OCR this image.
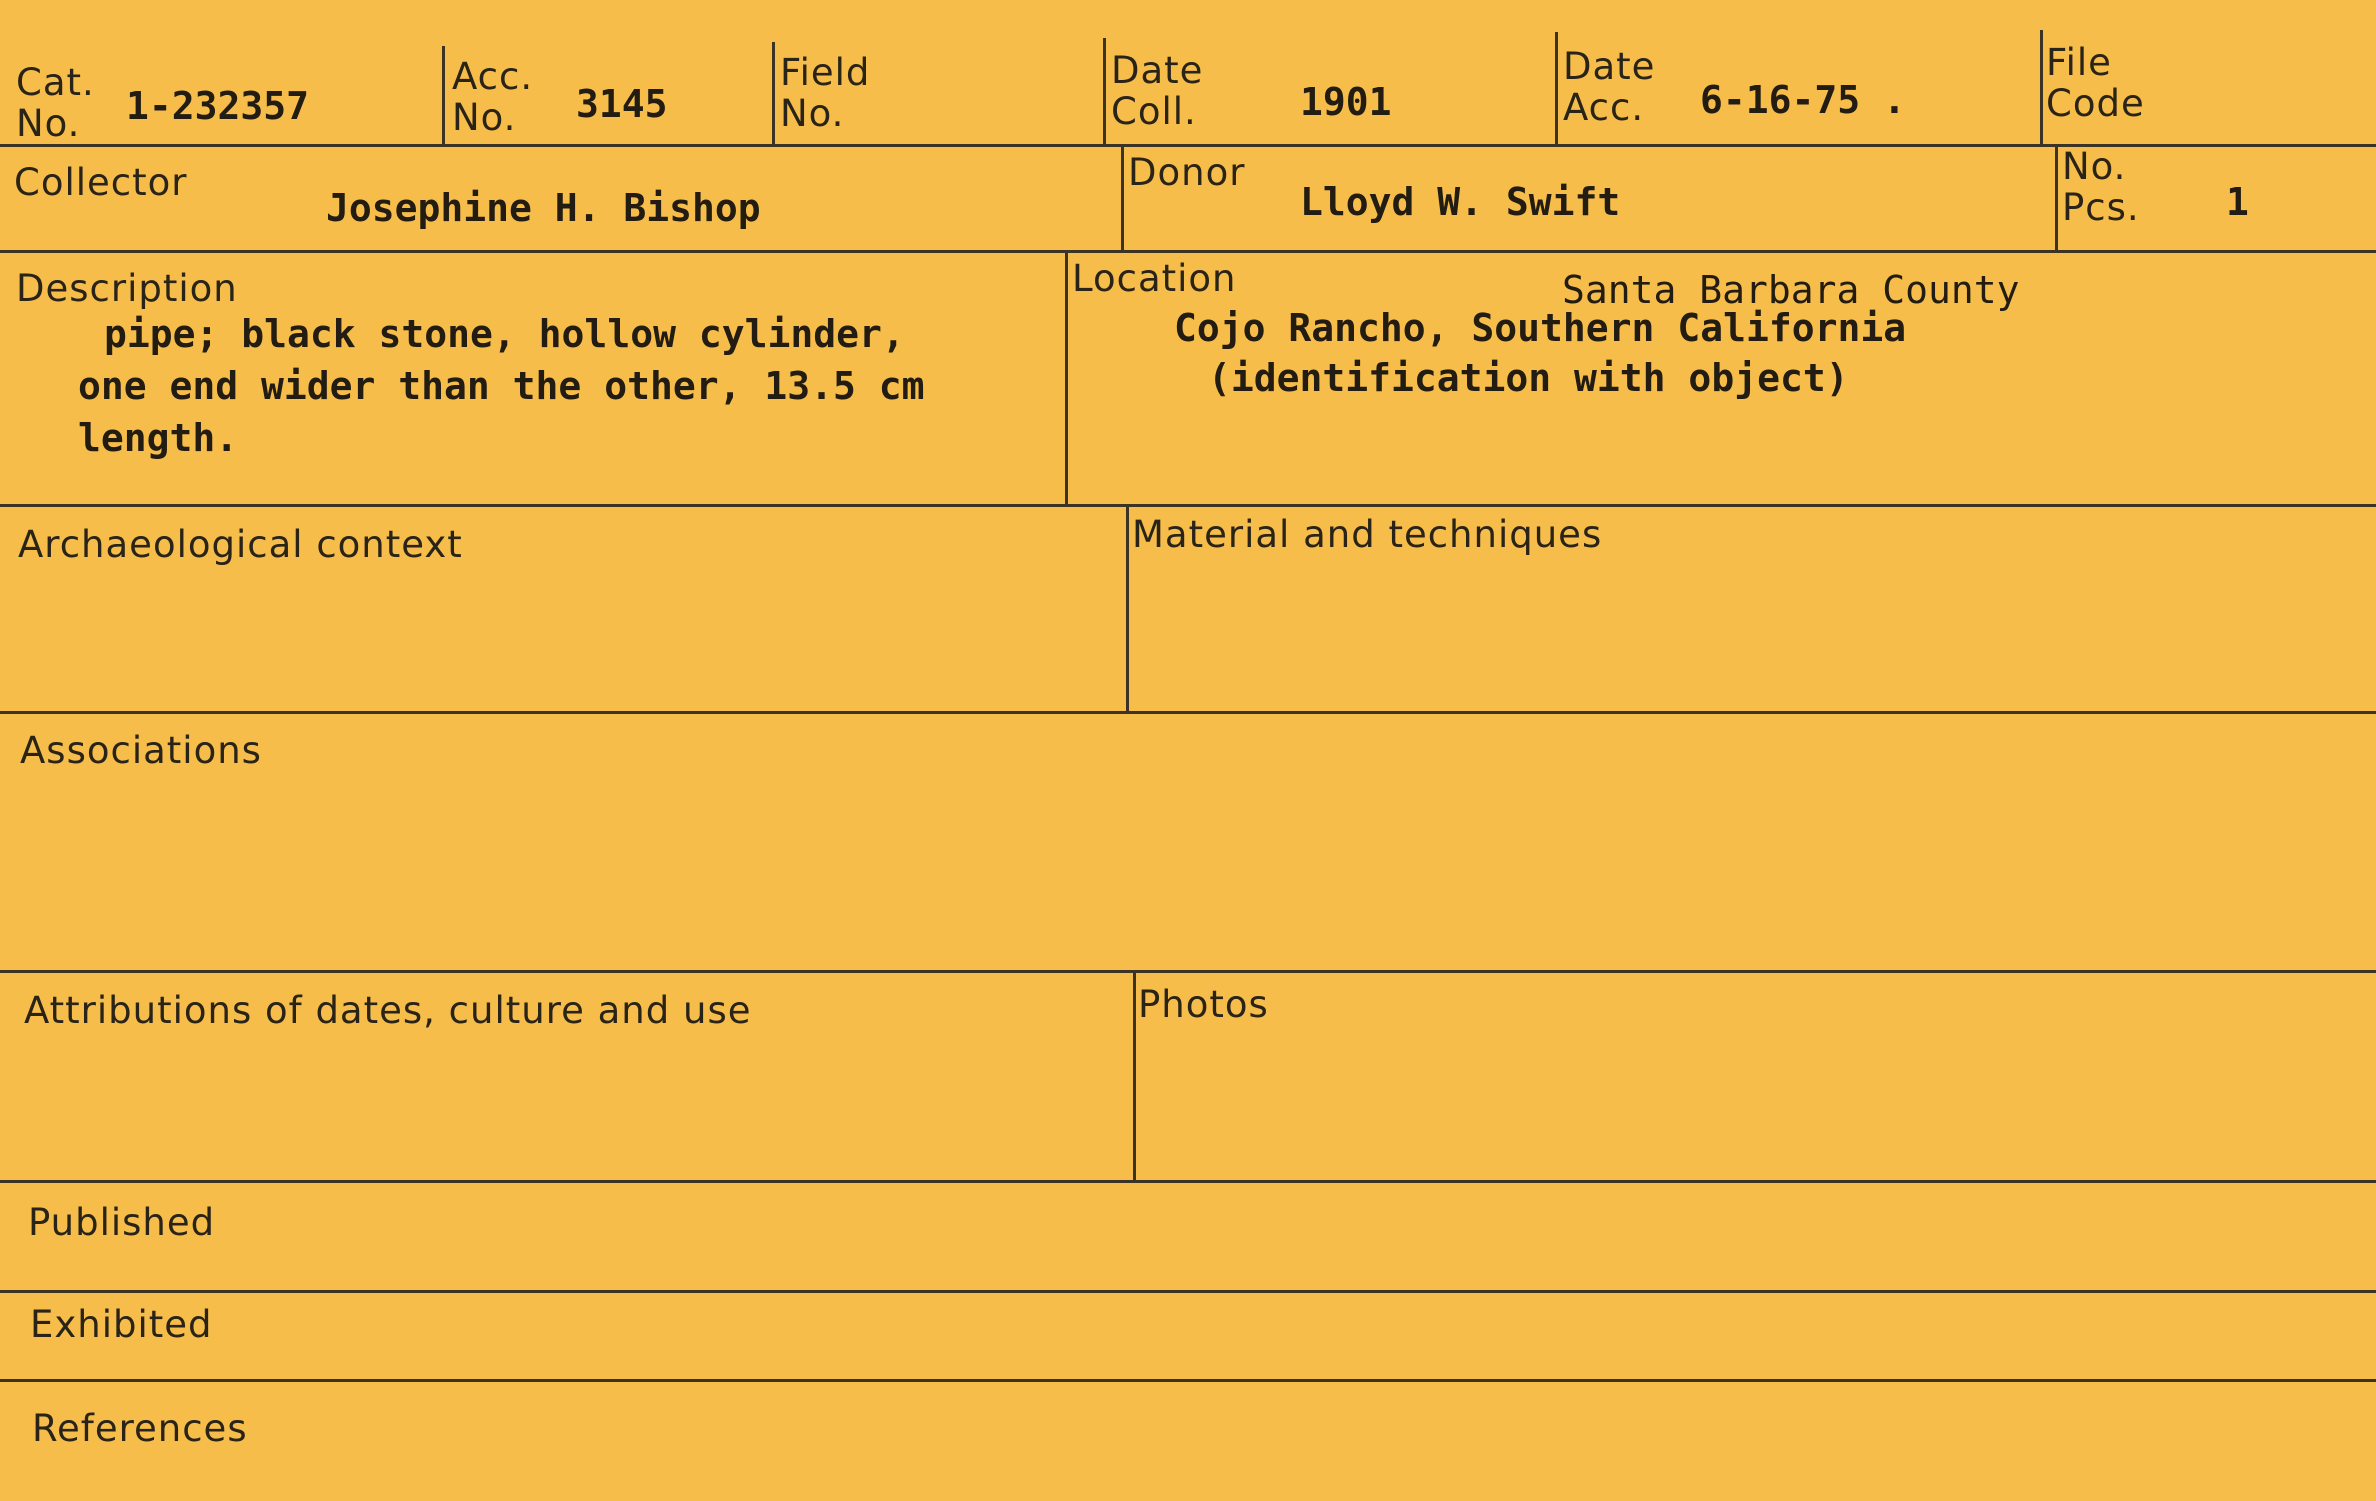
Cat.
No.	1-232357
Acc.
No.	3145
Field
No.
Date
Coll.	1901
Date
Acc. 6-16-75 .
File
Code
Collector
Josephine H. Bishop
Donor
Lloyd W. Swift
No.
Pcs. 1
Description
pipe; black stone, hollow cylinder,
one end wider than the other, 13.5 cm
length.
Location	Santa Barbara County
Cojo Rancho, Southern California
(identification with object)
Archaeological context	Material and techniques
Associations
Attributions of dates, culture and use	Photos
Published
Exhibited
References
